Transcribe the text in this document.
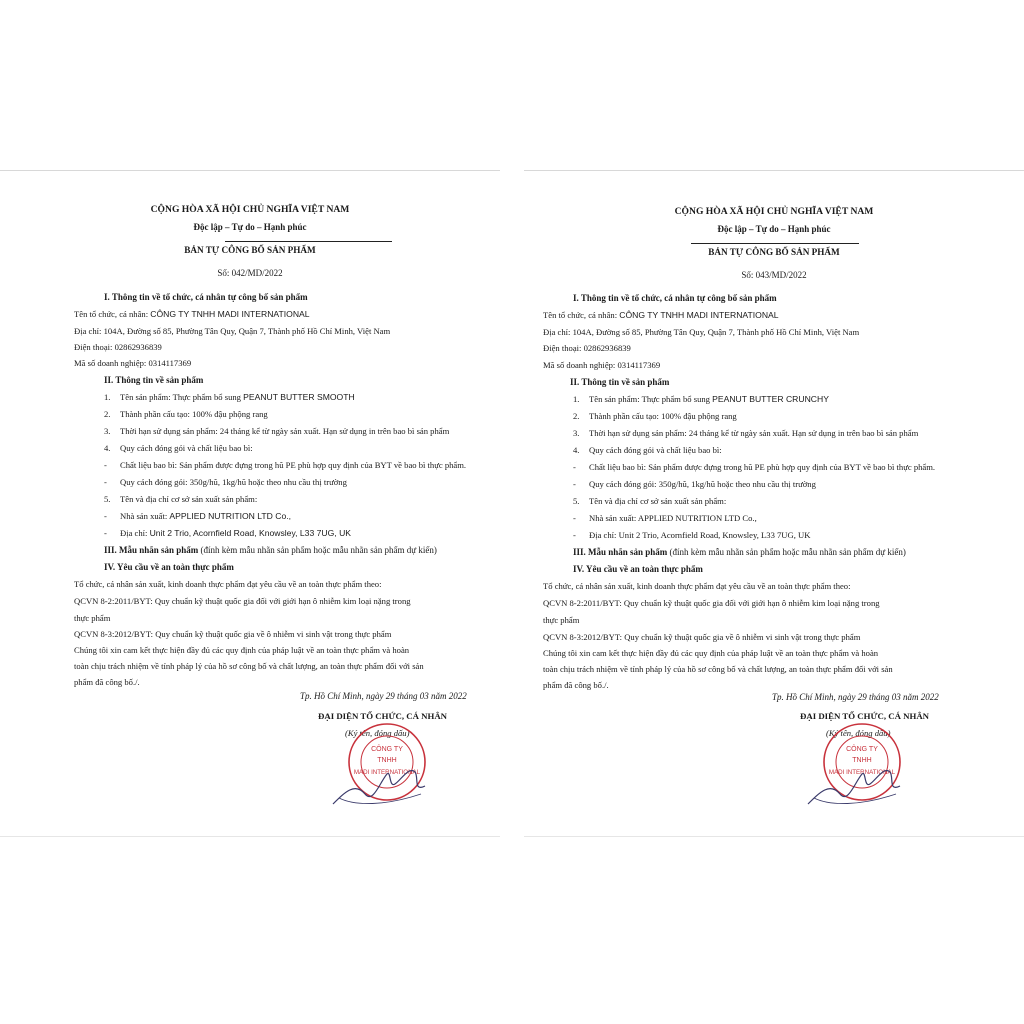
CỘNG HÒA XÃ HỘI CHỦ NGHĨA VIỆT NAM
Độc lập – Tự do – Hạnh phúc
BẢN TỰ CÔNG BỐ SẢN PHẨM
Số: 042/MD/2022
I. Thông tin về tổ chức, cá nhân tự công bố sản phẩm
Tên tổ chức, cá nhân: CÔNG TY TNHH MADI INTERNATIONAL
Địa chỉ: 104A, Đường số 85, Phường Tân Quy, Quận 7, Thành phố Hồ Chí Minh, Việt Nam
Điện thoại: 02862936839
Mã số doanh nghiệp: 0314117369
II. Thông tin về sản phẩm
1. Tên sản phẩm: Thực phẩm bổ sung PEANUT BUTTER SMOOTH
2. Thành phần cấu tạo: 100% đậu phộng rang
3. Thời hạn sử dụng sản phẩm: 24 tháng kể từ ngày sản xuất. Hạn sử dụng in trên bao bì sản phẩm
4. Quy cách đóng gói và chất liệu bao bì:
- Chất liệu bao bì: Sản phẩm được đựng trong hũ PE phù hợp quy định của BYT về bao bì thực phẩm.
- Quy cách đóng gói: 350g/hũ, 1kg/hũ hoặc theo nhu cầu thị trường
5. Tên và địa chỉ cơ sở sản xuất sản phẩm:
- Nhà sản xuất: APPLIED NUTRITION LTD Co.,
- Địa chỉ: Unit 2 Trio, Acornfield Road, Knowsley, L33 7UG, UK
III. Mẫu nhãn sản phẩm (đính kèm mẫu nhãn sản phẩm hoặc mẫu nhãn sản phẩm dự kiến)
IV. Yêu cầu về an toàn thực phẩm
Tổ chức, cá nhân sản xuất, kinh doanh thực phẩm đạt yêu cầu về an toàn thực phẩm theo:
QCVN 8-2:2011/BYT: Quy chuẩn kỹ thuật quốc gia đối với giới hạn ô nhiễm kim loại nặng trong
thực phẩm
QCVN 8-3:2012/BYT: Quy chuẩn kỹ thuật quốc gia về ô nhiễm vi sinh vật trong thực phẩm
Chúng tôi xin cam kết thực hiện đầy đủ các quy định của pháp luật về an toàn thực phẩm và hoàn
toàn chịu trách nhiệm về tính pháp lý của hồ sơ công bố và chất lượng, an toàn thực phẩm đối với sản
phẩm đã công bố./.
Tp. Hồ Chí Minh, ngày 29 tháng 03 năm 2022
ĐẠI DIỆN TỔ CHỨC, CÁ NHÂN
(Ký tên, đóng dấu)
CÔNG TY
TNHH
MADI INTERNATIONAL
CỘNG HÒA XÃ HỘI CHỦ NGHĨA VIỆT NAM
Độc lập – Tự do – Hạnh phúc
BẢN TỰ CÔNG BỐ SẢN PHẨM
Số: 043/MD/2022
I. Thông tin về tổ chức, cá nhân tự công bố sản phẩm
Tên tổ chức, cá nhân: CÔNG TY TNHH MADI INTERNATIONAL
Địa chỉ: 104A, Đường số 85, Phường Tân Quy, Quận 7, Thành phố Hồ Chí Minh, Việt Nam
Điện thoại: 02862936839
Mã số doanh nghiệp: 0314117369
II. Thông tin về sản phẩm
1. Tên sản phẩm: Thực phẩm bổ sung PEANUT BUTTER CRUNCHY
2. Thành phần cấu tạo: 100% đậu phộng rang
3. Thời hạn sử dụng sản phẩm: 24 tháng kể từ ngày sản xuất. Hạn sử dụng in trên bao bì sản phẩm
4. Quy cách đóng gói và chất liệu bao bì:
- Chất liệu bao bì: Sản phẩm được đựng trong hũ PE phù hợp quy định của BYT về bao bì thực phẩm.
- Quy cách đóng gói: 350g/hũ, 1kg/hũ hoặc theo nhu cầu thị trường
5. Tên và địa chỉ cơ sở sản xuất sản phẩm:
- Nhà sản xuất: APPLIED NUTRITION LTD Co.,
- Địa chỉ: Unit 2 Trio, Acornfield Road, Knowsley, L33 7UG, UK
III. Mẫu nhãn sản phẩm (đính kèm mẫu nhãn sản phẩm hoặc mẫu nhãn sản phẩm dự kiến)
IV. Yêu cầu về an toàn thực phẩm
Tổ chức, cá nhân sản xuất, kinh doanh thực phẩm đạt yêu cầu về an toàn thực phẩm theo:
QCVN 8-2:2011/BYT: Quy chuẩn kỹ thuật quốc gia đối với giới hạn ô nhiễm kim loại nặng trong
thực phẩm
QCVN 8-3:2012/BYT: Quy chuẩn kỹ thuật quốc gia về ô nhiễm vi sinh vật trong thực phẩm
Chúng tôi xin cam kết thực hiện đầy đủ các quy định của pháp luật về an toàn thực phẩm và hoàn
toàn chịu trách nhiệm về tính pháp lý của hồ sơ công bố và chất lượng, an toàn thực phẩm đối với sản
phẩm đã công bố./.
Tp. Hồ Chí Minh, ngày 29 tháng 03 năm 2022
ĐẠI DIỆN TỔ CHỨC, CÁ NHÂN
(Ký tên, đóng dấu)
CÔNG TY
TNHH
MADI INTERNATIONAL
